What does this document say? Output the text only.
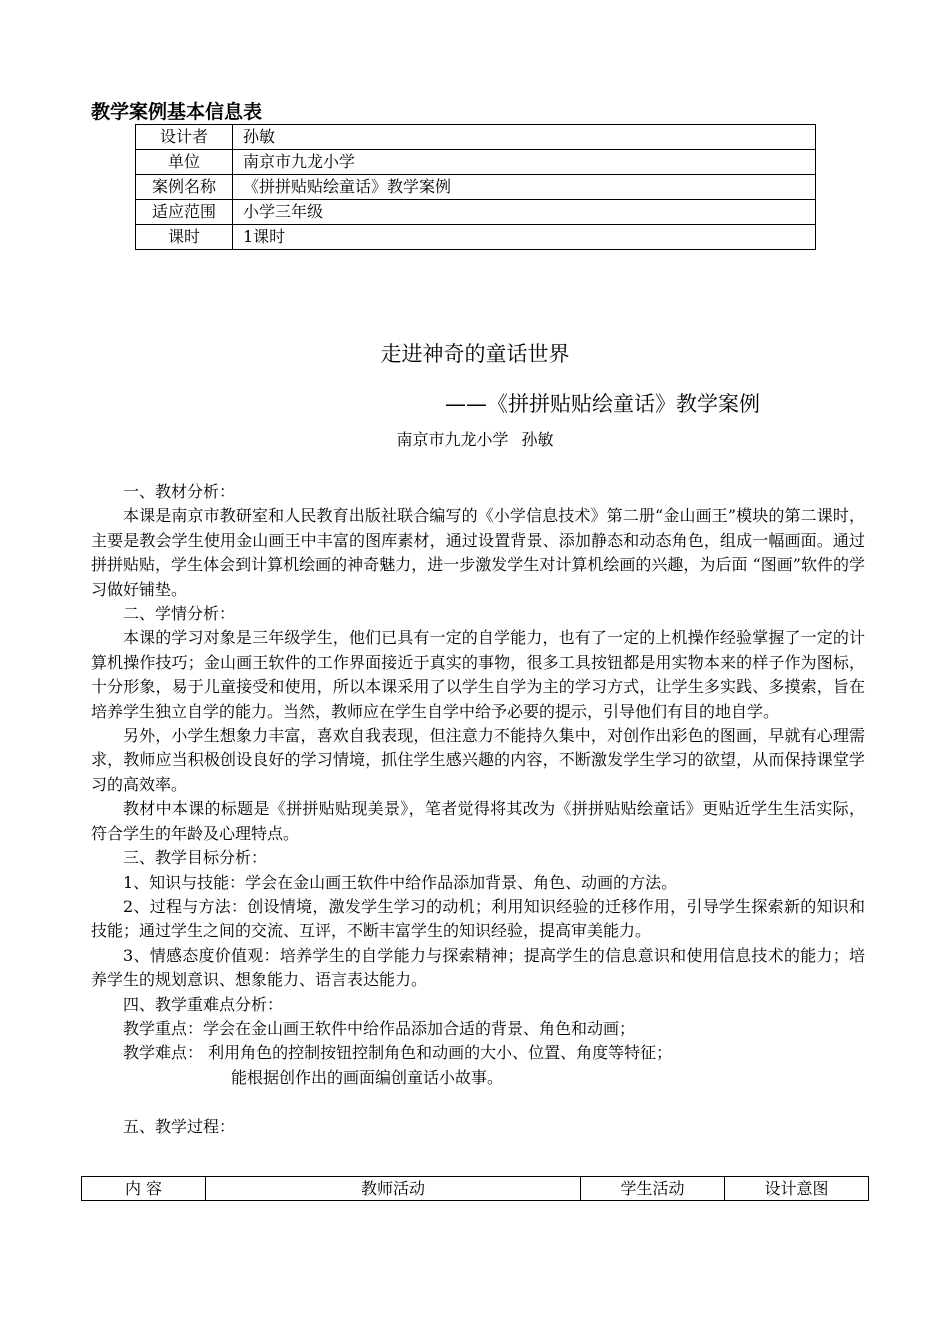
教学案例基本信息表
设计者	孙敏
单位	南京市九龙小学
案例名称	《拼拼贴贴绘童话》教学案例
适应范围	小学三年级
课时	1课时
走进神奇的童话世界
——《拼拼贴贴绘童话》教学案例
南京市九龙小学 孙敏

一、教材分析：

本课是南京市教研室和人民教育出版社联合编写的《小学信息技术》第二册“金山画王”模块的第二课时，主要是教会学生使用金山画王中丰富的图库素材，通过设置背景、添加静态和动态角色，组成一幅画面。通过拼拼贴贴，学生体会到计算机绘画的神奇魅力，进一步激发学生对计算机绘画的兴趣，为后面 “图画”软件的学习做好铺垫。

二、学情分析：

本课的学习对象是三年级学生，他们已具有一定的自学能力，也有了一定的上机操作经验掌握了一定的计算机操作技巧；金山画王软件的工作界面接近于真实的事物，很多工具按钮都是用实物本来的样子作为图标，十分形象，易于儿童接受和使用，所以本课采用了以学生自学为主的学习方式，让学生多实践、多摸索，旨在培养学生独立自学的能力。当然，教师应在学生自学中给予必要的提示，引导他们有目的地自学。

另外，小学生想象力丰富，喜欢自我表现，但注意力不能持久集中，对创作出彩色的图画，早就有心理需求，教师应当积极创设良好的学习情境，抓住学生感兴趣的内容，不断激发学生学习的欲望，从而保持课堂学习的高效率。

教材中本课的标题是《拼拼贴贴现美景》，笔者觉得将其改为《拼拼贴贴绘童话》更贴近学生生活实际，符合学生的年龄及心理特点。

三、教学目标分析：

1、知识与技能：学会在金山画王软件中给作品添加背景、角色、动画的方法。

2、过程与方法：创设情境，激发学生学习的动机；利用知识经验的迁移作用，引导学生探索新的知识和技能；通过学生之间的交流、互评，不断丰富学生的知识经验，提高审美能力。

3、情感态度价值观：培养学生的自学能力与探索精神；提高学生的信息意识和使用信息技术的能力；培养学生的规划意识、想象能力、语言表达能力。

四、教学重难点分析：

教学重点：学会在金山画王软件中给作品添加合适的背景、角色和动画；

教学难点： 利用角色的控制按钮控制角色和动画的大小、位置、角度等特征；

能根据创作出的画面编创童话小故事。

五、教学过程：

内 容	教师活动	学生活动	设计意图
